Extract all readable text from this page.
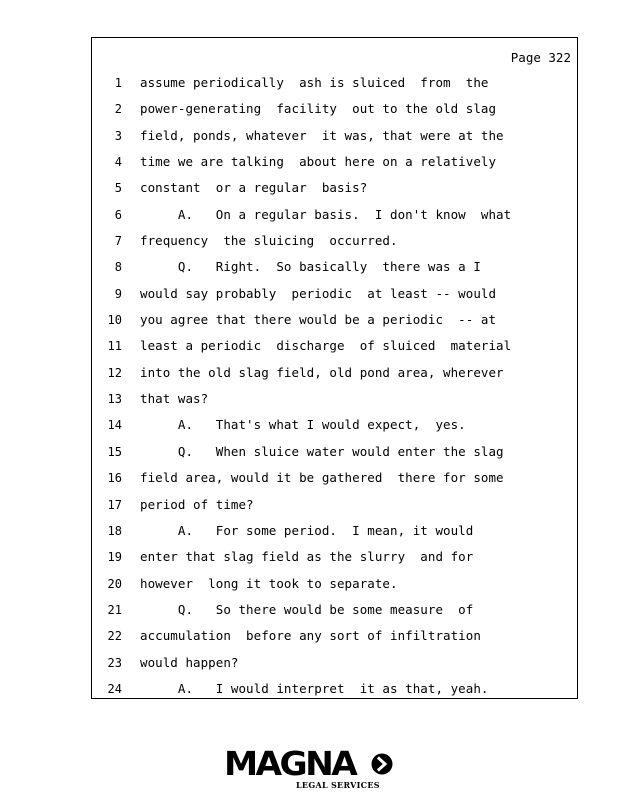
Page 322
1 assume periodically  ash is sluiced  from  the
2 power-generating  facility  out to the old slag
3 field, ponds, whatever  it was, that were at the
4 time we are talking  about here on a relatively
5 constant  or a regular  basis?
6 A.   On a regular basis.  I don't know  what
7 frequency  the sluicing  occurred.
8 Q.   Right.  So basically  there was a I
9 would say probably  periodic  at least -- would
10 you agree that there would be a periodic  -- at
11 least a periodic  discharge  of sluiced  material
12 into the old slag field, old pond area, wherever
13 that was?
14 A.   That's what I would expect,  yes.
15 Q.   When sluice water would enter the slag
16 field area, would it be gathered  there for some
17 period of time?
18 A.   For some period.  I mean, it would
19 enter that slag field as the slurry  and for
20 however  long it took to separate.
21 Q.   So there would be some measure  of
22 accumulation  before any sort of infiltration
23 would happen?
24 A.   I would interpret  it as that, yeah.
MAGNA
LEGAL SERVICES
